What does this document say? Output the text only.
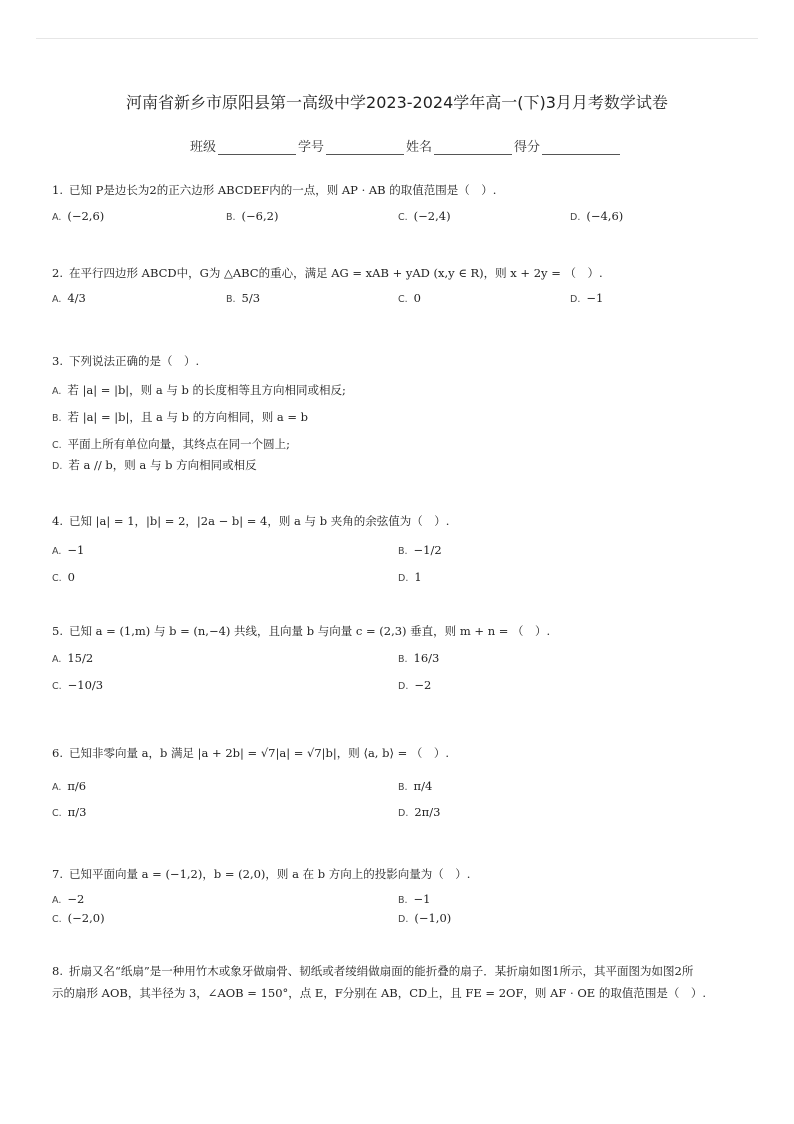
河南省新乡市原阳县第一高级中学2023-2024学年高一(下)3月月考数学试卷
班级	学号	姓名	得分
1. 已知 P是边长为2的正六边形 ABCDEF内的一点，则 AP · AB 的取值范围是（　）.
A. (−2,6)	B. (−6,2)	C. (−2,4)	D. (−4,6)
2. 在平行四边形 ABCD中，G为 △ABC的重心，满足 AG = xAB + yAD (x,y ∈ R)，则 x + 2y = （　）.
A. 4/3	B. 5/3	C. 0	D. −1
3. 下列说法正确的是（　）.
A. 若 |a| = |b|，则 a 与 b 的长度相等且方向相同或相反;
B. 若 |a| = |b|，且 a 与 b 的方向相同，则 a = b
C. 平面上所有单位向量，其终点在同一个圆上;
D. 若 a // b，则 a 与 b 方向相同或相反
4. 已知 |a| = 1，|b| = 2，|2a − b| = 4，则 a 与 b 夹角的余弦值为（　）.
A. −1	B. −1/2
C. 0	D. 1
5. 已知 a = (1,m) 与 b = (n,−4) 共线，且向量 b 与向量 c = (2,3) 垂直，则 m + n = （　）.
A. 15/2	B. 16/3
C. −10/3	D. −2
6. 已知非零向量 a，b 满足 |a + 2b| = √7|a| = √7|b|，则 ⟨a, b⟩ = （　）.
A. π/6	B. π/4
C. π/3	D. 2π/3
7. 已知平面向量 a = (−1,2)，b = (2,0)，则 a 在 b 方向上的投影向量为（　）.
A. −2	B. −1
C. (−2,0)	D. (−1,0)
8. 折扇又名“纸扇”是一种用竹木或象牙做扇骨、韧纸或者绫绢做扇面的能折叠的扇子．某折扇如图1所示，其平面图为如图2所
示的扇形 AOB，其半径为 3，∠AOB = 150°，点 E，F分别在 AB，CD上，且 FE = 2OF，则 AF · OE 的取值范围是（　）.
